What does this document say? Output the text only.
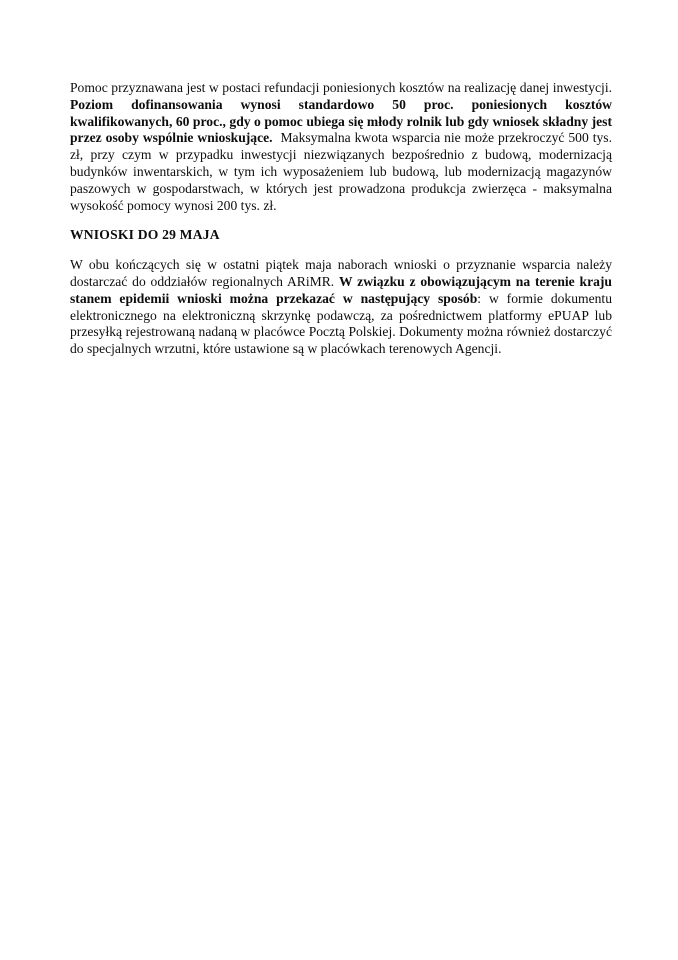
Pomoc przyznawana jest w postaci refundacji poniesionych kosztów na realizację danej inwestycji. Poziom dofinansowania wynosi standardowo 50 proc. poniesionych kosztów kwalifikowanych, 60 proc., gdy o pomoc ubiega się młody rolnik lub gdy wniosek składny jest przez osoby wspólnie wnioskujące.  Maksymalna kwota wsparcia nie może przekroczyć 500 tys. zł, przy czym w przypadku inwestycji niezwiązanych bezpośrednio z budową, modernizacją budynków inwentarskich, w tym ich wyposażeniem lub budową, lub modernizacją magazynów paszowych w gospodarstwach, w których jest prowadzona produkcja zwierzęca - maksymalna wysokość pomocy wynosi 200 tys. zł.

WNIOSKI DO 29 MAJA

W obu kończących się w ostatni piątek maja naborach wnioski o przyznanie wsparcia należy dostarczać do oddziałów regionalnych ARiMR. W związku z obowiązującym na terenie kraju stanem epidemii wnioski można przekazać w następujący sposób: w formie dokumentu elektronicznego na elektroniczną skrzynkę podawczą, za pośrednictwem platformy ePUAP lub przesyłką rejestrowaną nadaną w placówce Pocztą Polskiej. Dokumenty można również dostarczyć do specjalnych wrzutni, które ustawione są w placówkach terenowych Agencji.
